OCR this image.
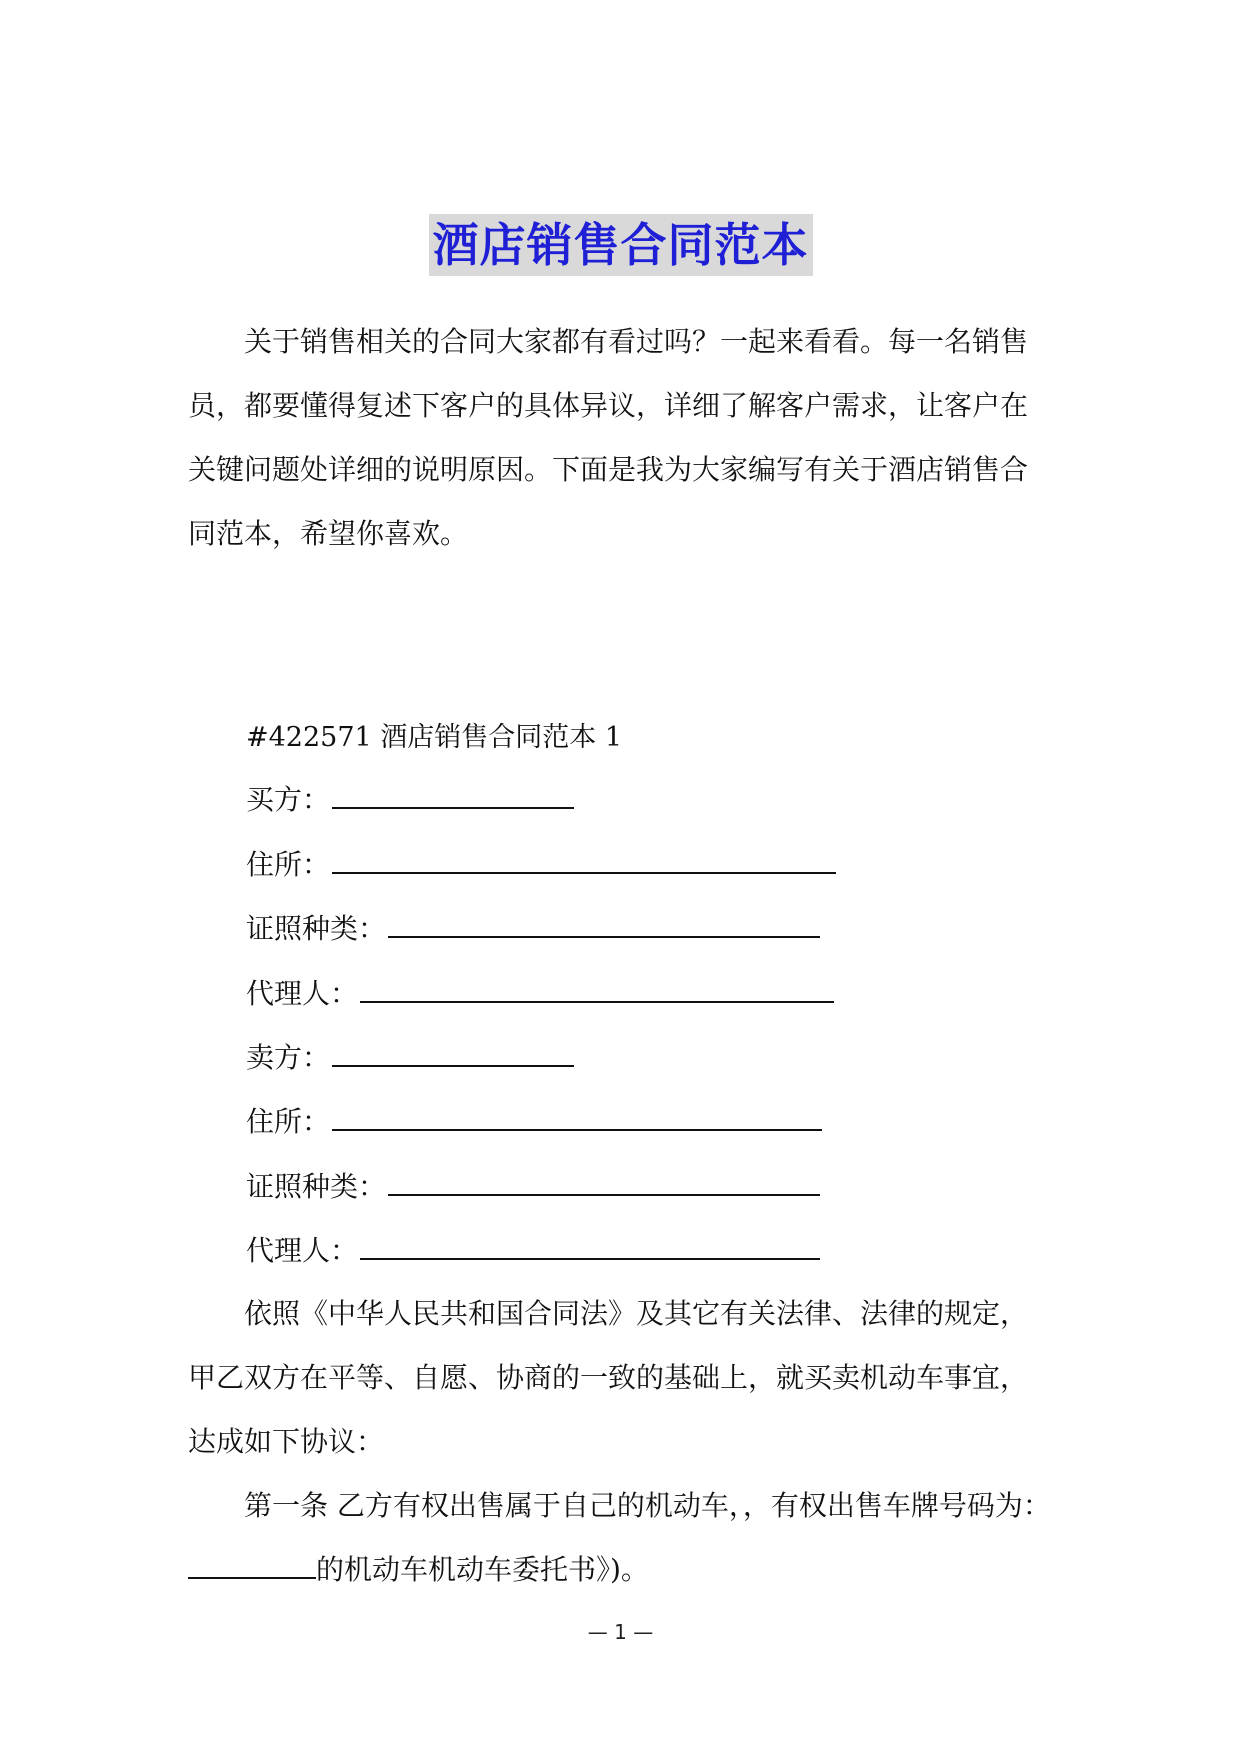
酒店销售合同范本
关于销售相关的合同大家都有看过吗？一起来看看。每一名销售
员，都要懂得复述下客户的具体异议，详细了解客户需求，让客户在
关键问题处详细的说明原因。下面是我为大家编写有关于酒店销售合
同范本，希望你喜欢。
#422571 酒店销售合同范本 1
买方：
住所：
证照种类：
代理人：
卖方：
住所：
证照种类：
代理人：
依照《中华人民共和国合同法》及其它有关法律、法律的规定，
甲乙双方在平等、自愿、协商的一致的基础上，就买卖机动车事宜，
达成如下协议：
第一条 乙方有权出售属于自己的机动车，，有权出售车牌号码为：
的机动车机动车委托书》)。
— 1 —
